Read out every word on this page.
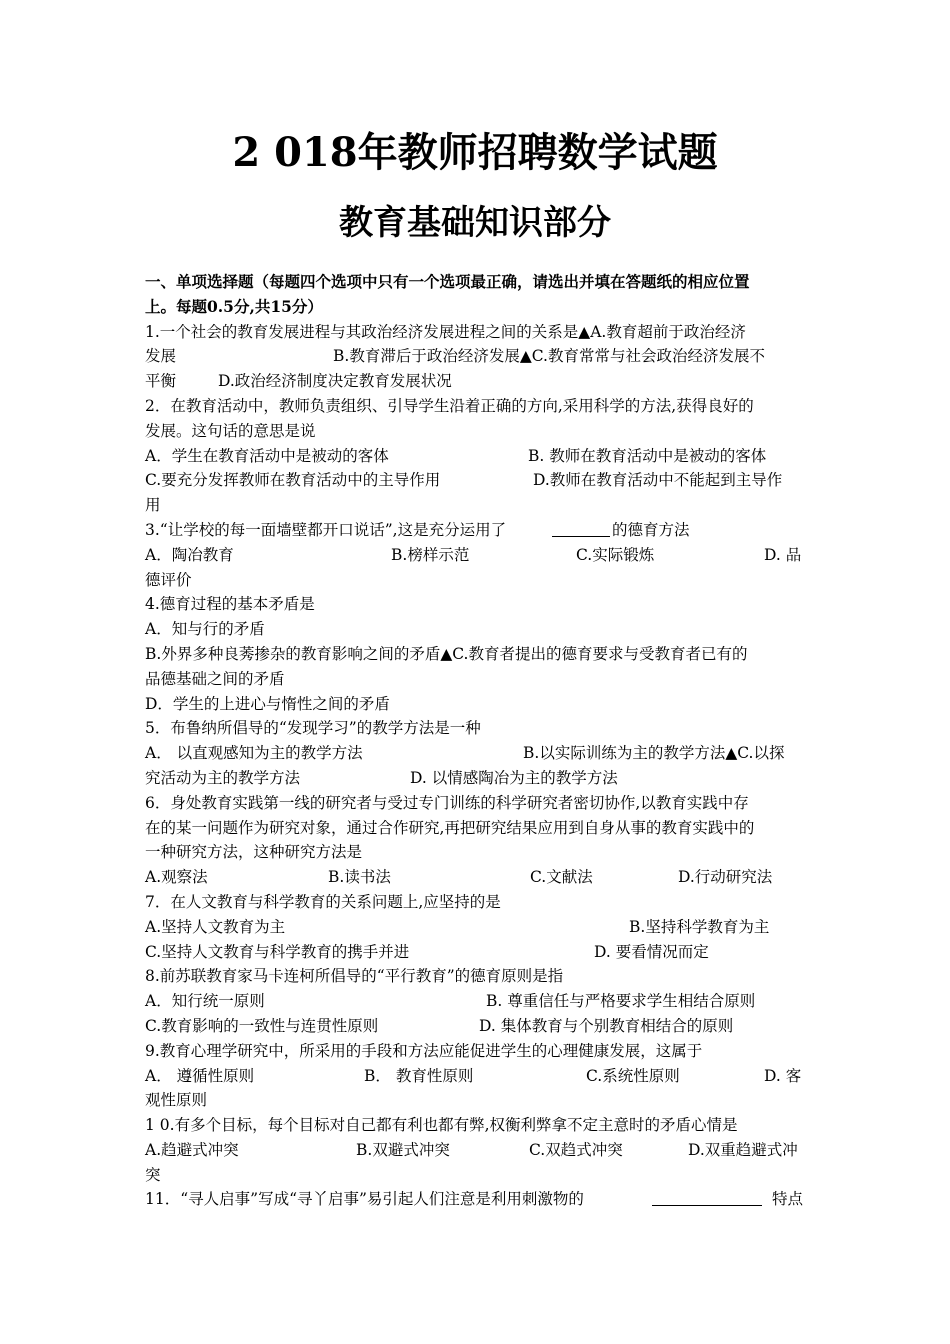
2 018年教师招聘数学试题
教育基础知识部分
一、单项选择题（每题四个选项中只有一个选项最正确，请选出并填在答题纸的相应位置
上。每题0.5分,共15分）
1.一个社会的教育发展进程与其政治经济发展进程之间的关系是▲A.教育超前于政治经济
发展	B.教育滞后于政治经济发展▲C.教育常常与社会政治经济发展不
平衡	D.政治经济制度决定教育发展状况
2．在教育活动中，教师负责组织、引导学生沿着正确的方向,采用科学的方法,获得良好的
发展。这句话的意思是说
A．学生在教育活动中是被动的客体	B. 教师在教育活动中是被动的客体
C.要充分发挥教师在教育活动中的主导作用	D.教师在教育活动中不能起到主导作
用
3.“让学校的每一面墙壁都开口说话”,这是充分运用了	的德育方法
A．陶冶教育	B.榜样示范	C.实际锻炼	D. 品
德评价
4.德育过程的基本矛盾是
A．知与行的矛盾
B.外界多种良莠掺杂的教育影响之间的矛盾▲C.教育者提出的德育要求与受教育者已有的
品德基础之间的矛盾
D．学生的上进心与惰性之间的矛盾
5．布鲁纳所倡导的“发现学习”的教学方法是一种
A． 以直观感知为主的教学方法	B.以实际训练为主的教学方法▲C.以探
究活动为主的教学方法	D. 以情感陶冶为主的教学方法
6．身处教育实践第一线的研究者与受过专门训练的科学研究者密切协作,以教育实践中存
在的某一问题作为研究对象，通过合作研究,再把研究结果应用到自身从事的教育实践中的
一种研究方法，这种研究方法是
A.观察法	B.读书法	C.文献法	D.行动研究法
7．在人文教育与科学教育的关系问题上,应坚持的是
A.坚持人文教育为主	B.坚持科学教育为主
C.坚持人文教育与科学教育的携手并进	D. 要看情况而定
8.前苏联教育家马卡连柯所倡导的“平行教育”的德育原则是指
A．知行统一原则	B. 尊重信任与严格要求学生相结合原则
C.教育影响的一致性与连贯性原则	D. 集体教育与个别教育相结合的原则
9.教育心理学研究中，所采用的手段和方法应能促进学生的心理健康发展，这属于
A． 遵循性原则	B． 教育性原则	C.系统性原则	D. 客
观性原则
1 0.有多个目标，每个目标对自己都有利也都有弊,权衡利弊拿不定主意时的矛盾心情是
A.趋避式冲突	B.双避式冲突	C.双趋式冲突	D.双重趋避式冲
突
11．“寻人启事”写成“寻丫启事”易引起人们注意是利用刺激物的	特点
